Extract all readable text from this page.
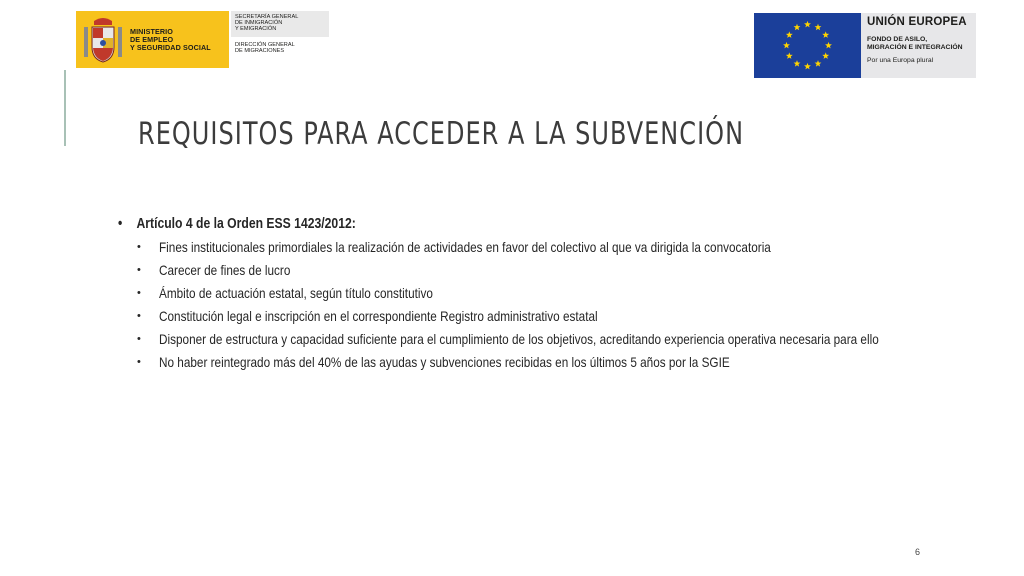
MINISTERIO
DE EMPLEO
Y SEGURIDAD SOCIAL
SECRETARÍA GENERAL
DE INMIGRACIÓN
Y EMIGRACIÓN
DIRECCIÓN GENERAL
DE MIGRACIONES
UNIÓN EUROPEA
FONDO DE ASILO,
MIGRACIÓN E INTEGRACIÓN
Por una Europa plural
REQUISITOS PARA ACCEDER A LA SUBVENCIÓN
• Artículo 4 de la Orden ESS 1423/2012:
• Fines institucionales primordiales la realización de actividades en favor del colectivo al que va dirigida la convocatoria
• Carecer de fines de lucro
• Ámbito de actuación estatal, según título constitutivo
• Constitución legal e inscripción en el correspondiente Registro administrativo estatal
• Disponer de estructura y capacidad suficiente para el cumplimiento de los objetivos, acreditando experiencia operativa necesaria para ello
• No haber reintegrado más del 40% de las ayudas y subvenciones recibidas en los últimos 5 años por la SGIE
6
